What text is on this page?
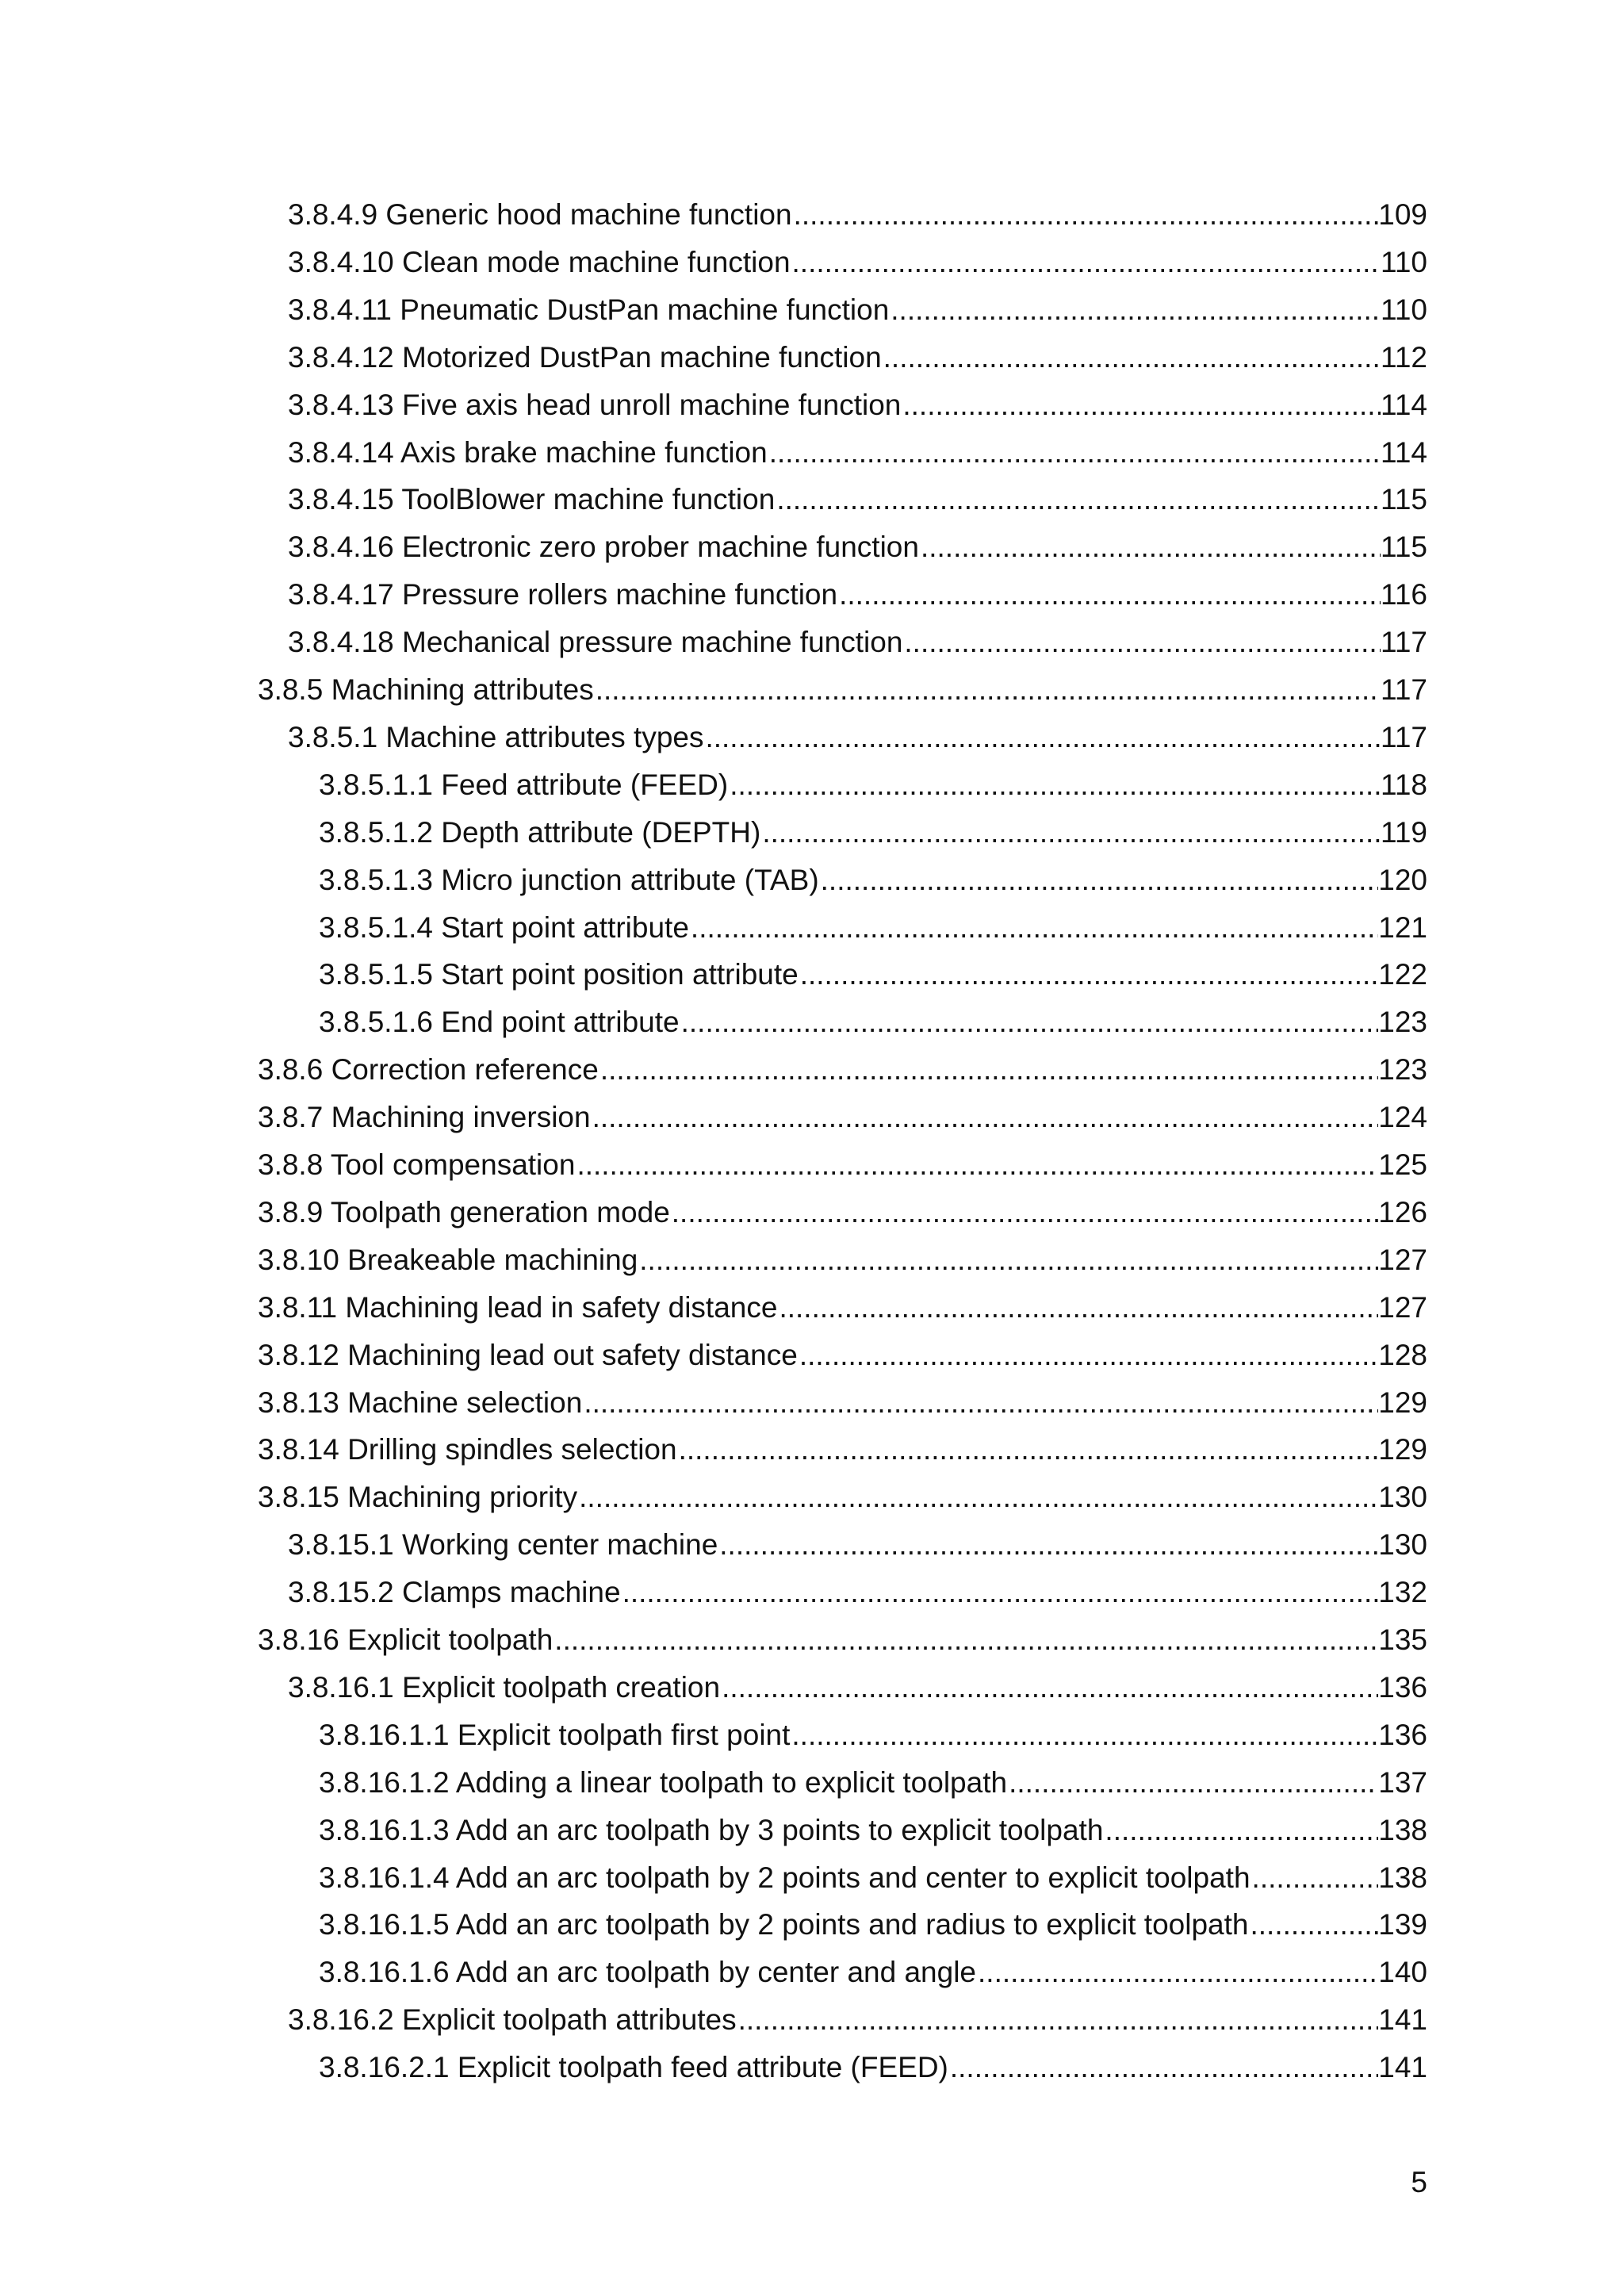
3.8.4.9 Generic hood machine function .....	109
3.8.4.10 Clean mode machine function .....	110
3.8.4.11 Pneumatic DustPan machine function .....	110
3.8.4.12 Motorized DustPan machine function .....	112
3.8.4.13 Five axis head unroll machine function .....	114
3.8.4.14 Axis brake machine function .....	114
3.8.4.15 ToolBlower machine function .....	115
3.8.4.16 Electronic zero prober machine function .....	115
3.8.4.17 Pressure rollers machine function .....	116
3.8.4.18 Mechanical pressure machine function .....	117
3.8.5 Machining attributes .....	117
3.8.5.1 Machine attributes types .....	117
3.8.5.1.1 Feed attribute (FEED) .....	118
3.8.5.1.2 Depth attribute (DEPTH) .....	119
3.8.5.1.3 Micro junction attribute (TAB) .....	120
3.8.5.1.4 Start point attribute .....	121
3.8.5.1.5 Start point position attribute .....	122
3.8.5.1.6 End point attribute .....	123
3.8.6 Correction reference .....	123
3.8.7 Machining inversion .....	124
3.8.8 Tool compensation .....	125
3.8.9 Toolpath generation mode .....	126
3.8.10 Breakeable machining .....	127
3.8.11 Machining lead in safety distance .....	127
3.8.12 Machining lead out safety distance .....	128
3.8.13 Machine selection .....	129
3.8.14 Drilling spindles selection .....	129
3.8.15 Machining priority .....	130
3.8.15.1 Working center machine .....	130
3.8.15.2 Clamps machine .....	132
3.8.16 Explicit toolpath .....	135
3.8.16.1 Explicit toolpath creation .....	136
3.8.16.1.1 Explicit toolpath first point .....	136
3.8.16.1.2 Adding a linear toolpath to explicit toolpath .....	137
3.8.16.1.3 Add an arc toolpath by 3 points to explicit toolpath .....	138
3.8.16.1.4 Add an arc toolpath by 2 points and center to explicit toolpath .....	138
3.8.16.1.5 Add an arc toolpath by 2 points and radius to explicit toolpath .....	139
3.8.16.1.6 Add an arc toolpath by center and angle .....	140
3.8.16.2 Explicit toolpath attributes .....	141
3.8.16.2.1 Explicit toolpath feed attribute (FEED) .....	141
5
